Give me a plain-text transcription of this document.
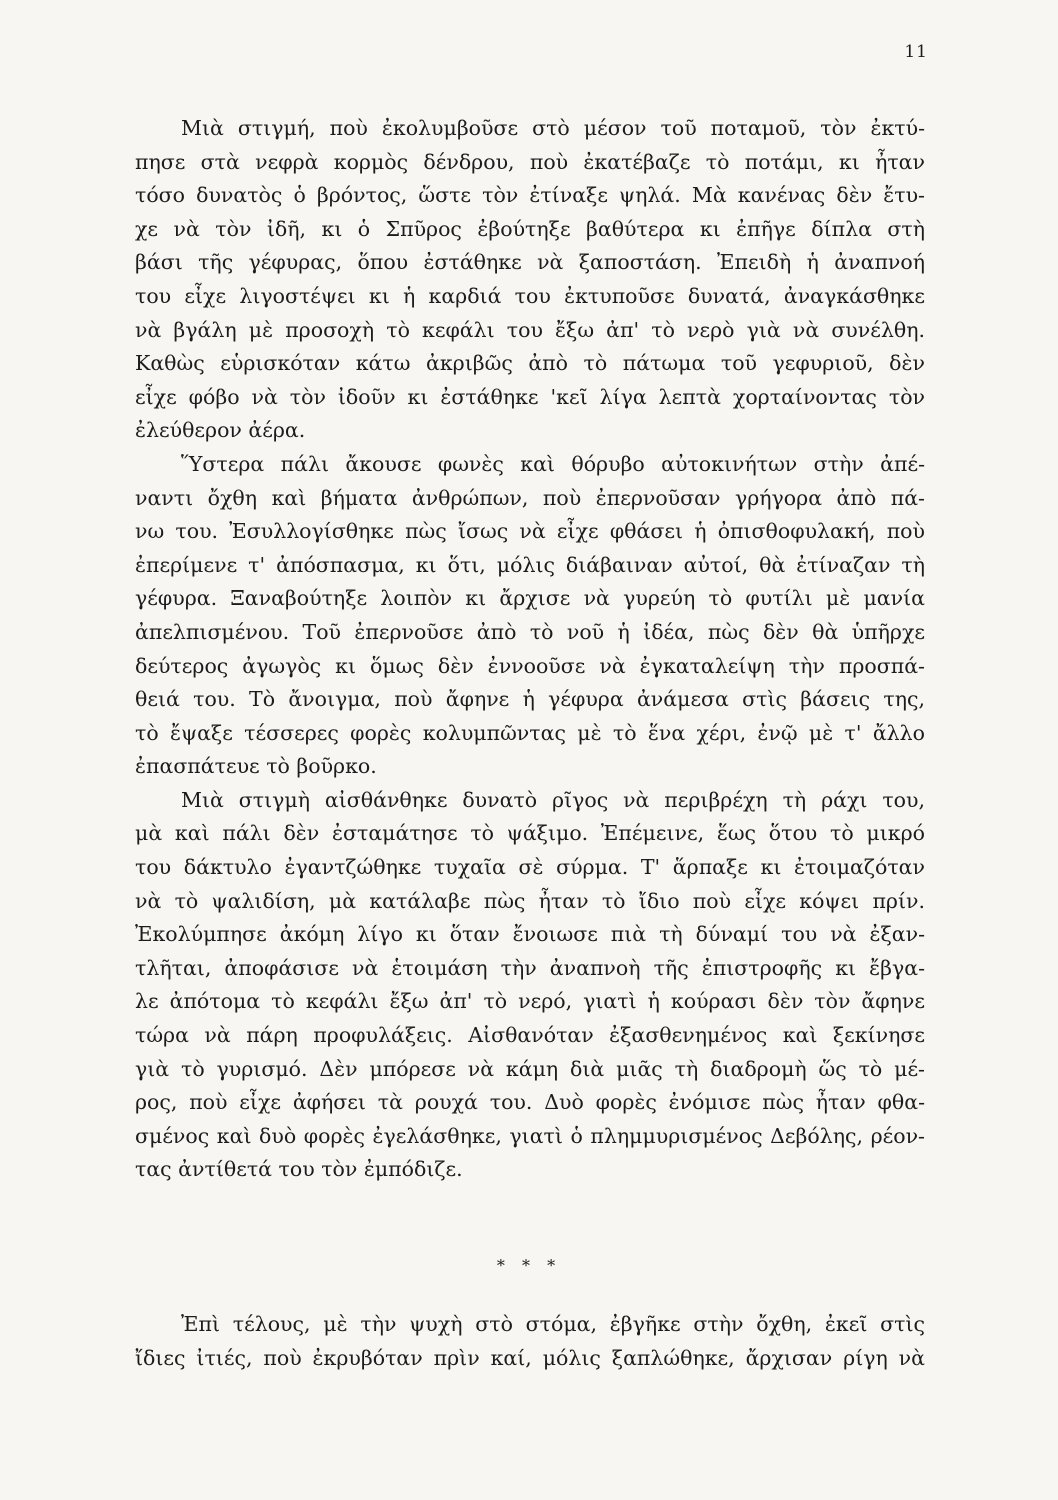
11

Μιὰ στιγμή, ποὺ ἐκολυμβοῦσε στὸ μέσον τοῦ ποταμοῦ, τὸν ἐκτύ-
πησε στὰ νεφρὰ κορμὸς δένδρου, ποὺ ἐκατέβαζε τὸ ποτάμι, κι ἦταν
τόσο δυνατὸς ὁ βρόντος, ὥστε τὸν ἐτίναξε ψηλά. Μὰ κανένας δὲν ἔτυ-
χε νὰ τὸν ἰδῆ, κι ὁ Σπῦρος ἐβούτηξε βαθύτερα κι ἐπῆγε δίπλα στὴ
βάσι τῆς γέφυρας, ὅπου ἐστάθηκε νὰ ξαποστάση. Ἐπειδὴ ἡ ἀναπνοή
του εἶχε λιγοστέψει κι ἡ καρδιά του ἐκτυποῦσε δυνατά, ἀναγκάσθηκε
νὰ βγάλη μὲ προσοχὴ τὸ κεφάλι του ἔξω ἀπ' τὸ νερὸ γιὰ νὰ συνέλθη.
Καθὼς εὑρισκόταν κάτω ἀκριβῶς ἀπὸ τὸ πάτωμα τοῦ γεφυριοῦ, δὲν
εἶχε φόβο νὰ τὸν ἰδοῦν κι ἐστάθηκε 'κεῖ λίγα λεπτὰ χορταίνοντας τὸν
ἐλεύθερον ἀέρα.

Ὕστερα πάλι ἄκουσε φωνὲς καὶ θόρυβο αὐτοκινήτων στὴν ἀπέ-
ναντι ὄχθη καὶ βήματα ἀνθρώπων, ποὺ ἐπερνοῦσαν γρήγορα ἀπὸ πά-
νω του. Ἐσυλλογίσθηκε πὼς ἴσως νὰ εἶχε φθάσει ἡ ὀπισθοφυλακή, ποὺ
ἐπερίμενε τ' ἀπόσπασμα, κι ὅτι, μόλις διάβαιναν αὐτοί, θὰ ἐτίναζαν τὴ
γέφυρα. Ξαναβούτηξε λοιπὸν κι ἄρχισε νὰ γυρεύη τὸ φυτίλι μὲ μανία
ἀπελπισμένου. Τοῦ ἐπερνοῦσε ἀπὸ τὸ νοῦ ἡ ἰδέα, πὼς δὲν θὰ ὑπῆρχε
δεύτερος ἀγωγὸς κι ὅμως δὲν ἐννοοῦσε νὰ ἐγκαταλείψη τὴν προσπά-
θειά του. Τὸ ἄνοιγμα, ποὺ ἄφηνε ἡ γέφυρα ἀνάμεσα στὶς βάσεις της,
τὸ ἔψαξε τέσσερες φορὲς κολυμπῶντας μὲ τὸ ἕνα χέρι, ἐνῷ μὲ τ' ἄλλο
ἐπασπάτευε τὸ βοῦρκο.

Μιὰ στιγμὴ αἰσθάνθηκε δυνατὸ ρῖγος νὰ περιβρέχη τὴ ράχι του,
μὰ καὶ πάλι δὲν ἐσταμάτησε τὸ ψάξιμο. Ἐπέμεινε, ἕως ὅτου τὸ μικρό
του δάκτυλο ἐγαντζώθηκε τυχαῖα σὲ σύρμα. Τ' ἅρπαξε κι ἐτοιμαζόταν
νὰ τὸ ψαλιδίση, μὰ κατάλαβε πὼς ἦταν τὸ ἴδιο ποὺ εἶχε κόψει πρίν.
Ἐκολύμπησε ἀκόμη λίγο κι ὅταν ἔνοιωσε πιὰ τὴ δύναμί του νὰ ἐξαν-
τλῆται, ἀποφάσισε νὰ ἑτοιμάση τὴν ἀναπνοὴ τῆς ἐπιστροφῆς κι ἔβγα-
λε ἀπότομα τὸ κεφάλι ἔξω ἀπ' τὸ νερό, γιατὶ ἡ κούρασι δὲν τὸν ἄφηνε
τώρα νὰ πάρη προφυλάξεις. Αἰσθανόταν ἐξασθενημένος καὶ ξεκίνησε
γιὰ τὸ γυρισμό. Δὲν μπόρεσε νὰ κάμη διὰ μιᾶς τὴ διαδρομὴ ὥς τὸ μέ-
ρος, ποὺ εἶχε ἀφήσει τὰ ρουχά του. Δυὸ φορὲς ἐνόμισε πὼς ἦταν φθα-
σμένος καὶ δυὸ φορὲς ἐγελάσθηκε, γιατὶ ὁ πλημμυρισμένος Δεβόλης, ρέον-
τας ἀντίθετά του τὸν ἐμπόδιζε.

* * *

Ἐπὶ τέλους, μὲ τὴν ψυχὴ στὸ στόμα, ἐβγῆκε στὴν ὄχθη, ἐκεῖ στὶς
ἴδιες ἰτιές, ποὺ ἐκρυβόταν πρὶν καί, μόλις ξαπλώθηκε, ἄρχισαν ρίγη νὰ
